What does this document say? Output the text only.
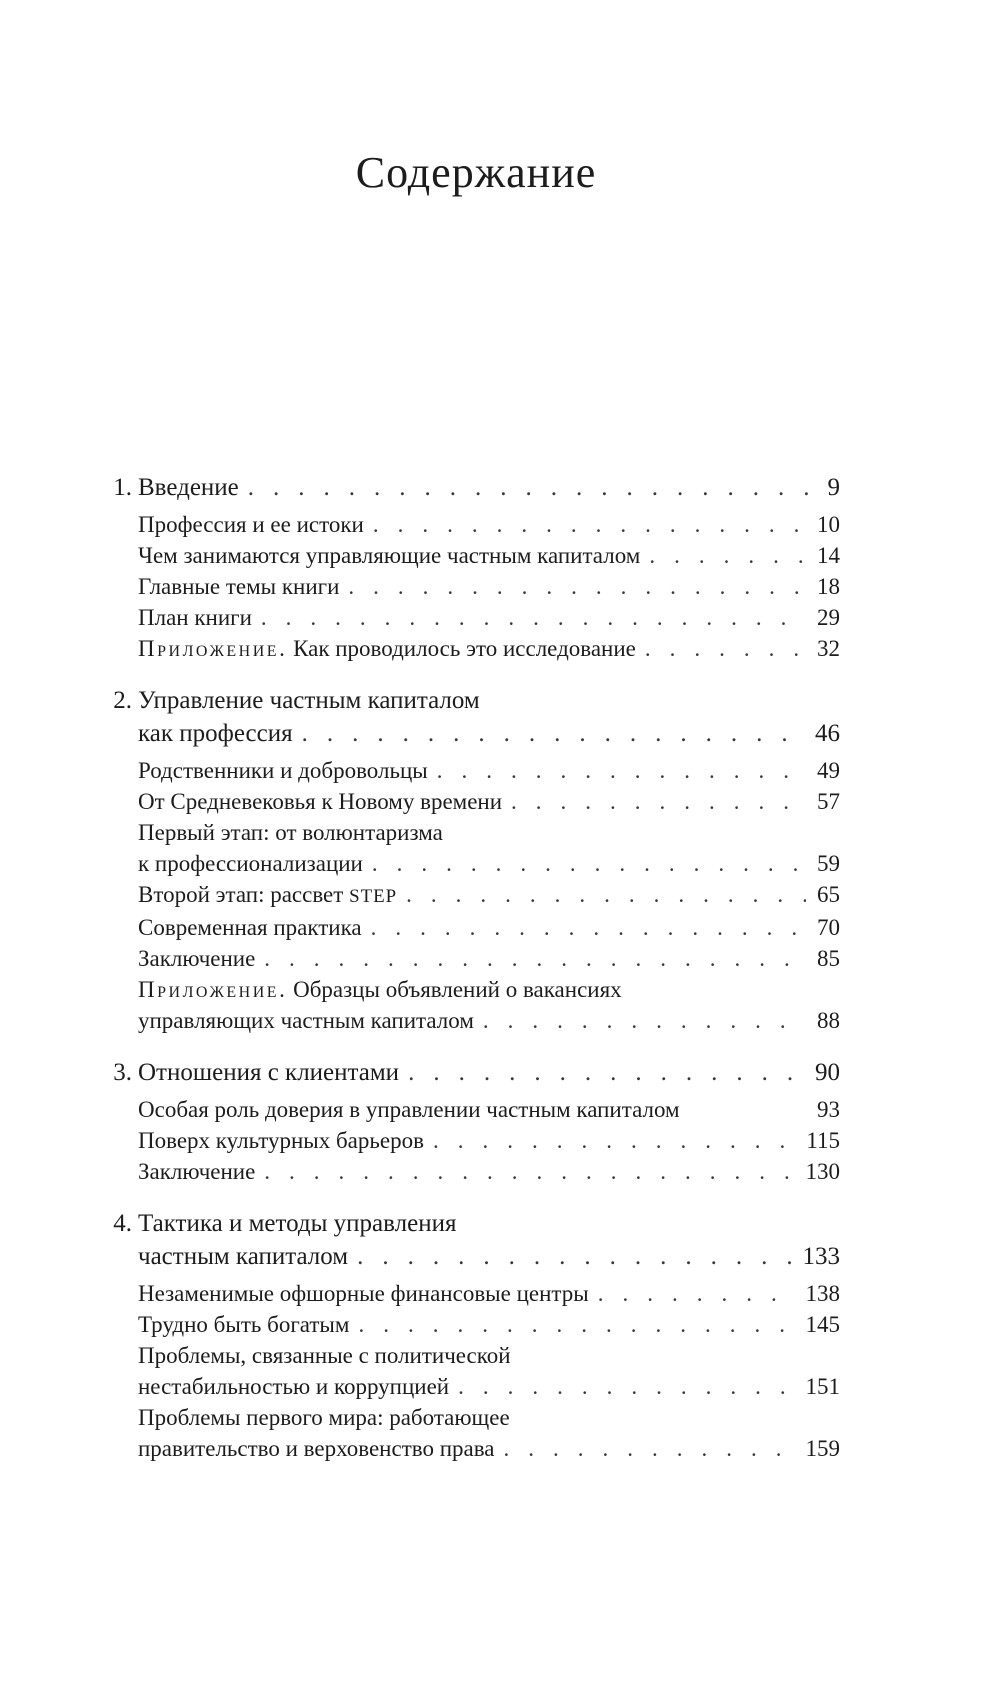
Содержание
1. Введение .....	9
Профессия и ее истоки .....	10
Чем занимаются управляющие частным капиталом .....	14
Главные темы книги .....	18
План книги .....	29
Приложение. Как проводилось это исследование .....	32
2. Управление частным капиталом
как профессия .....	46
Родственники и добровольцы .....	49
От Средневековья к Новому времени .....	57
Первый этап: от волюнтаризма
к профессионализации .....	59
Второй этап: рассвет STEP .....	65
Современная практика .....	70
Заключение .....	85
Приложение. Образцы объявлений о вакансиях
управляющих частным капиталом .....	88
3. Отношения с клиентами .....	90
Особая роль доверия в управлении частным капиталом	93
Поверх культурных барьеров .....	115
Заключение .....	130
4. Тактика и методы управления
частным капиталом .....	133
Незаменимые офшорные финансовые центры .....	138
Трудно быть богатым .....	145
Проблемы, связанные с политической
нестабильностью и коррупцией .....	151
Проблемы первого мира: работающее
правительство и верховенство права .....	159
